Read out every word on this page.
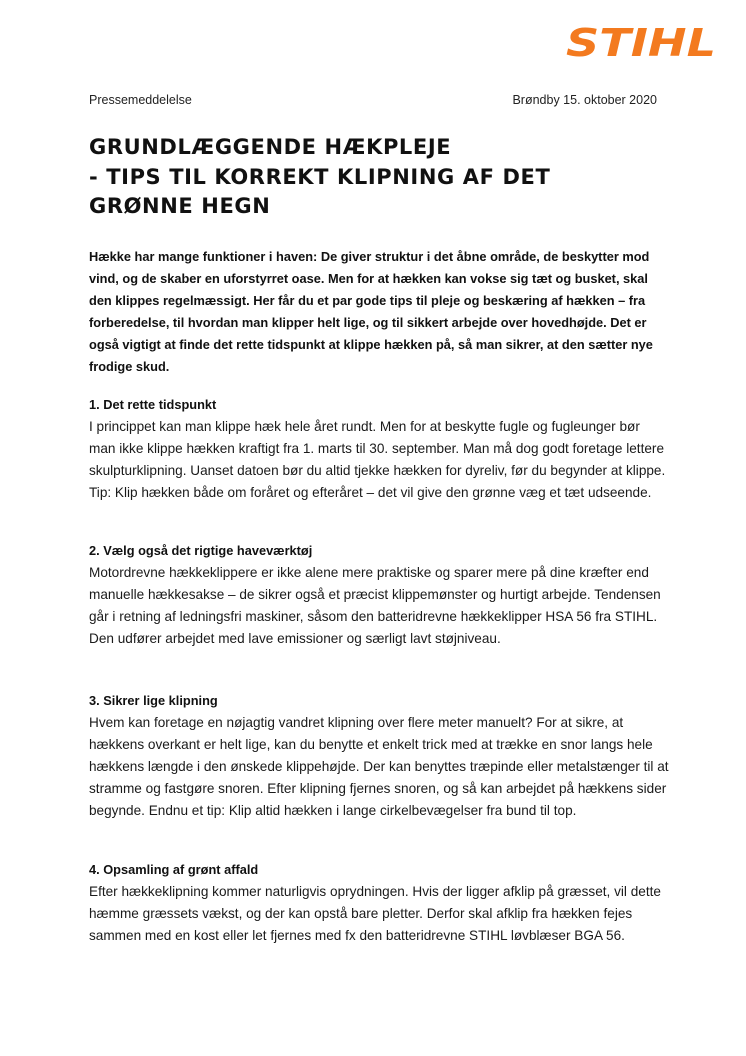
STIHL
Pressemeddelelse	Brøndby 15. oktober 2020
GRUNDLÆGGENDE HÆKPLEJE
- TIPS TIL KORREKT KLIPNING AF DET
GRØNNE HEGN

Hække har mange funktioner i haven: De giver struktur i det åbne område, de beskytter mod vind, og de skaber en uforstyrret oase. Men for at hækken kan vokse sig tæt og busket, skal den klippes regelmæssigt. Her får du et par gode tips til pleje og beskæring af hækken – fra forberedelse, til hvordan man klipper helt lige, og til sikkert arbejde over hovedhøjde. Det er også vigtigt at finde det rette tidspunkt at klippe hækken på, så man sikrer, at den sætter nye frodige skud.

1. Det rette tidspunkt

I princippet kan man klippe hæk hele året rundt. Men for at beskytte fugle og fugleunger bør man ikke klippe hækken kraftigt fra 1. marts til 30. september. Man må dog godt foretage lettere skulpturklipning. Uanset datoen bør du altid tjekke hækken for dyreliv, før du begynder at klippe. Tip: Klip hækken både om foråret og efteråret – det vil give den grønne væg et tæt udseende.

2. Vælg også det rigtige haveværktøj

Motordrevne hækkeklippere er ikke alene mere praktiske og sparer mere på dine kræfter end manuelle hækkesakse – de sikrer også et præcist klippemønster og hurtigt arbejde. Tendensen går i retning af ledningsfri maskiner, såsom den batteridrevne hækkeklipper HSA 56 fra STIHL. Den udfører arbejdet med lave emissioner og særligt lavt støjniveau.

3. Sikrer lige klipning

Hvem kan foretage en nøjagtig vandret klipning over flere meter manuelt? For at sikre, at hækkens overkant er helt lige, kan du benytte et enkelt trick med at trække en snor langs hele hækkens længde i den ønskede klippehøjde. Der kan benyttes træpinde eller metalstænger til at stramme og fastgøre snoren. Efter klipning fjernes snoren, og så kan arbejdet på hækkens sider begynde. Endnu et tip: Klip altid hækken i lange cirkelbevægelser fra bund til top.

4. Opsamling af grønt affald

Efter hækkeklipning kommer naturligvis oprydningen. Hvis der ligger afklip på græsset, vil dette hæmme græssets vækst, og der kan opstå bare pletter. Derfor skal afklip fra hækken fejes sammen med en kost eller let fjernes med fx den batteridrevne STIHL løvblæser BGA 56.
